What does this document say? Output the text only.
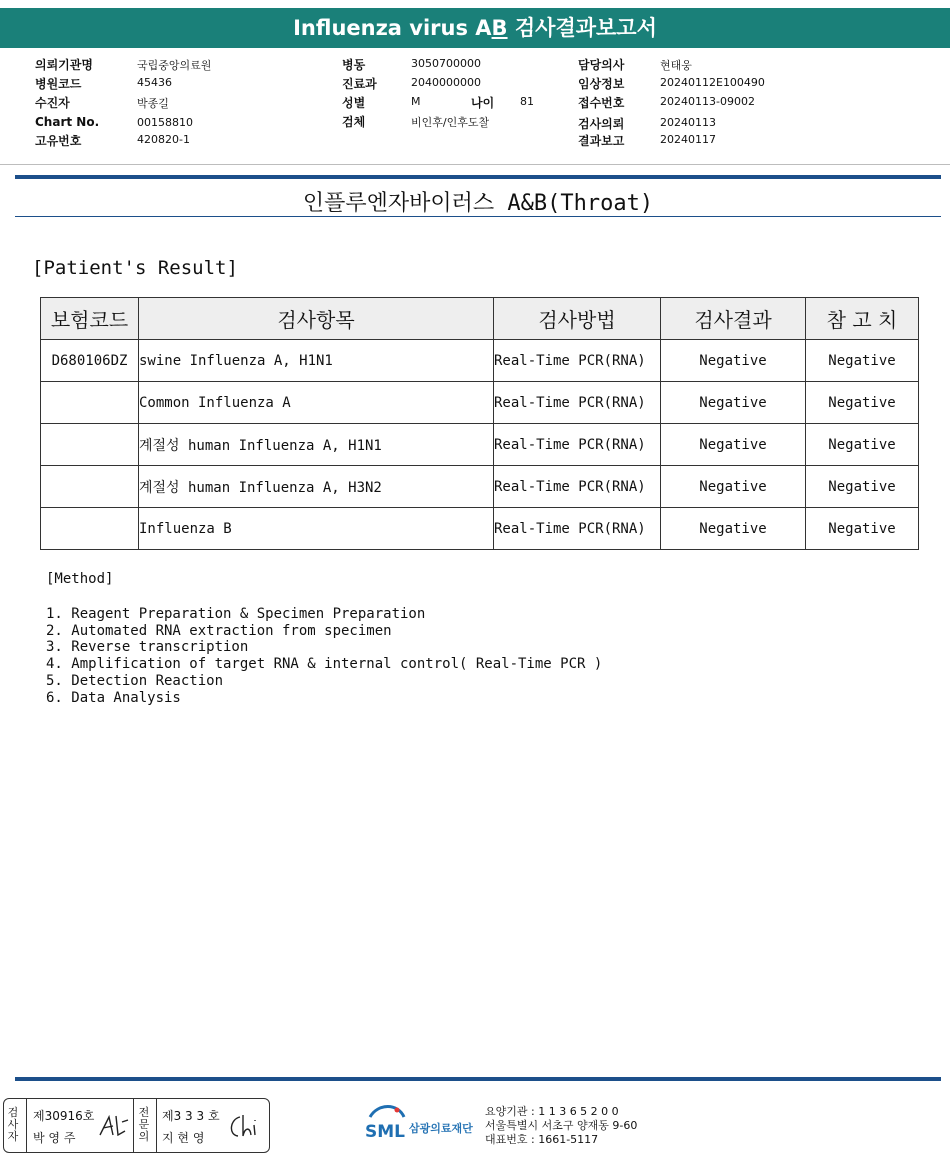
Influenza virus AB 검사결과보고서
의뢰기관명	국립중앙의료원
병원코드	45436
수진자	박종길
Chart No.	00158810
고유번호	420820-1
병동	3050700000
진료과	2040000000
성별	M	나이 81
검체	비인후/인후도찰
담당의사	현태웅
임상정보	20240112E100490
접수번호	20240113-09002
검사의뢰	20240113
결과보고	20240117
인플루엔자바이러스 A&B(Throat)
[Patient's Result]
보험코드	검사항목	검사방법	검사결과	참 고 치
D680106DZ	swine Influenza A, H1N1	Real-Time PCR(RNA)	Negative	Negative
	Common Influenza A	Real-Time PCR(RNA)	Negative	Negative
	계절성 human Influenza A, H1N1	Real-Time PCR(RNA)	Negative	Negative
	계절성 human Influenza A, H3N2	Real-Time PCR(RNA)	Negative	Negative
	Influenza B	Real-Time PCR(RNA)	Negative	Negative
[Method]
1. Reagent Preparation & Specimen Preparation
2. Automated RNA extraction from specimen
3. Reverse transcription
4. Amplification of target RNA & internal control( Real-Time PCR )
5. Detection Reaction
6. Data Analysis
검사자
제30916호
박 영 주
전문의
제3 3 3 호
지 현 영	SML 삼광의료재단
요양기관 : 1 1 3 6 5 2 0 0
서울특별시 서초구 양재동 9-60
대표번호 : 1661-5117
